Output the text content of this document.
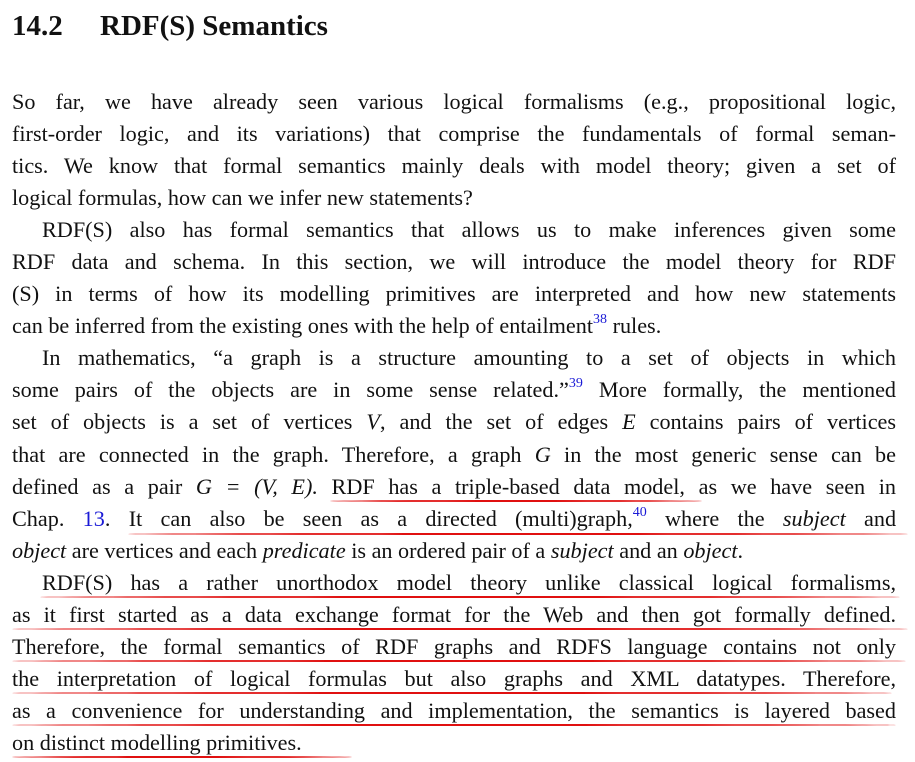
14.2 RDF(S) Semantics
So far, we have already seen various logical formalisms (e.g., propositional logic,
first-order logic, and its variations) that comprise the fundamentals of formal seman-
tics. We know that formal semantics mainly deals with model theory; given a set of
logical formulas, how can we infer new statements?
RDF(S) also has formal semantics that allows us to make inferences given some
RDF data and schema. In this section, we will introduce the model theory for RDF
(S) in terms of how its modelling primitives are interpreted and how new statements
can be inferred from the existing ones with the help of entailment$^{38}$ rules.
In mathematics, “a graph is a structure amounting to a set of objects in which
some pairs of the objects are in some sense related.”$^{39}$ More formally, the mentioned
set of objects is a set of vertices V, and the set of edges E contains pairs of vertices
that are connected in the graph. Therefore, a graph G in the most generic sense can be
defined as a pair G = (V, E). RDF has a triple-based data model, as we have seen in
Chap. 13. It can also be seen as a directed (multi)graph,$^{40}$ where the subject and
object are vertices and each predicate is an ordered pair of a subject and an object.
RDF(S) has a rather unorthodox model theory unlike classical logical formalisms,
as it first started as a data exchange format for the Web and then got formally defined.
Therefore, the formal semantics of RDF graphs and RDFS language contains not only
the interpretation of logical formulas but also graphs and XML datatypes. Therefore,
as a convenience for understanding and implementation, the semantics is layered based
on distinct modelling primitives.
